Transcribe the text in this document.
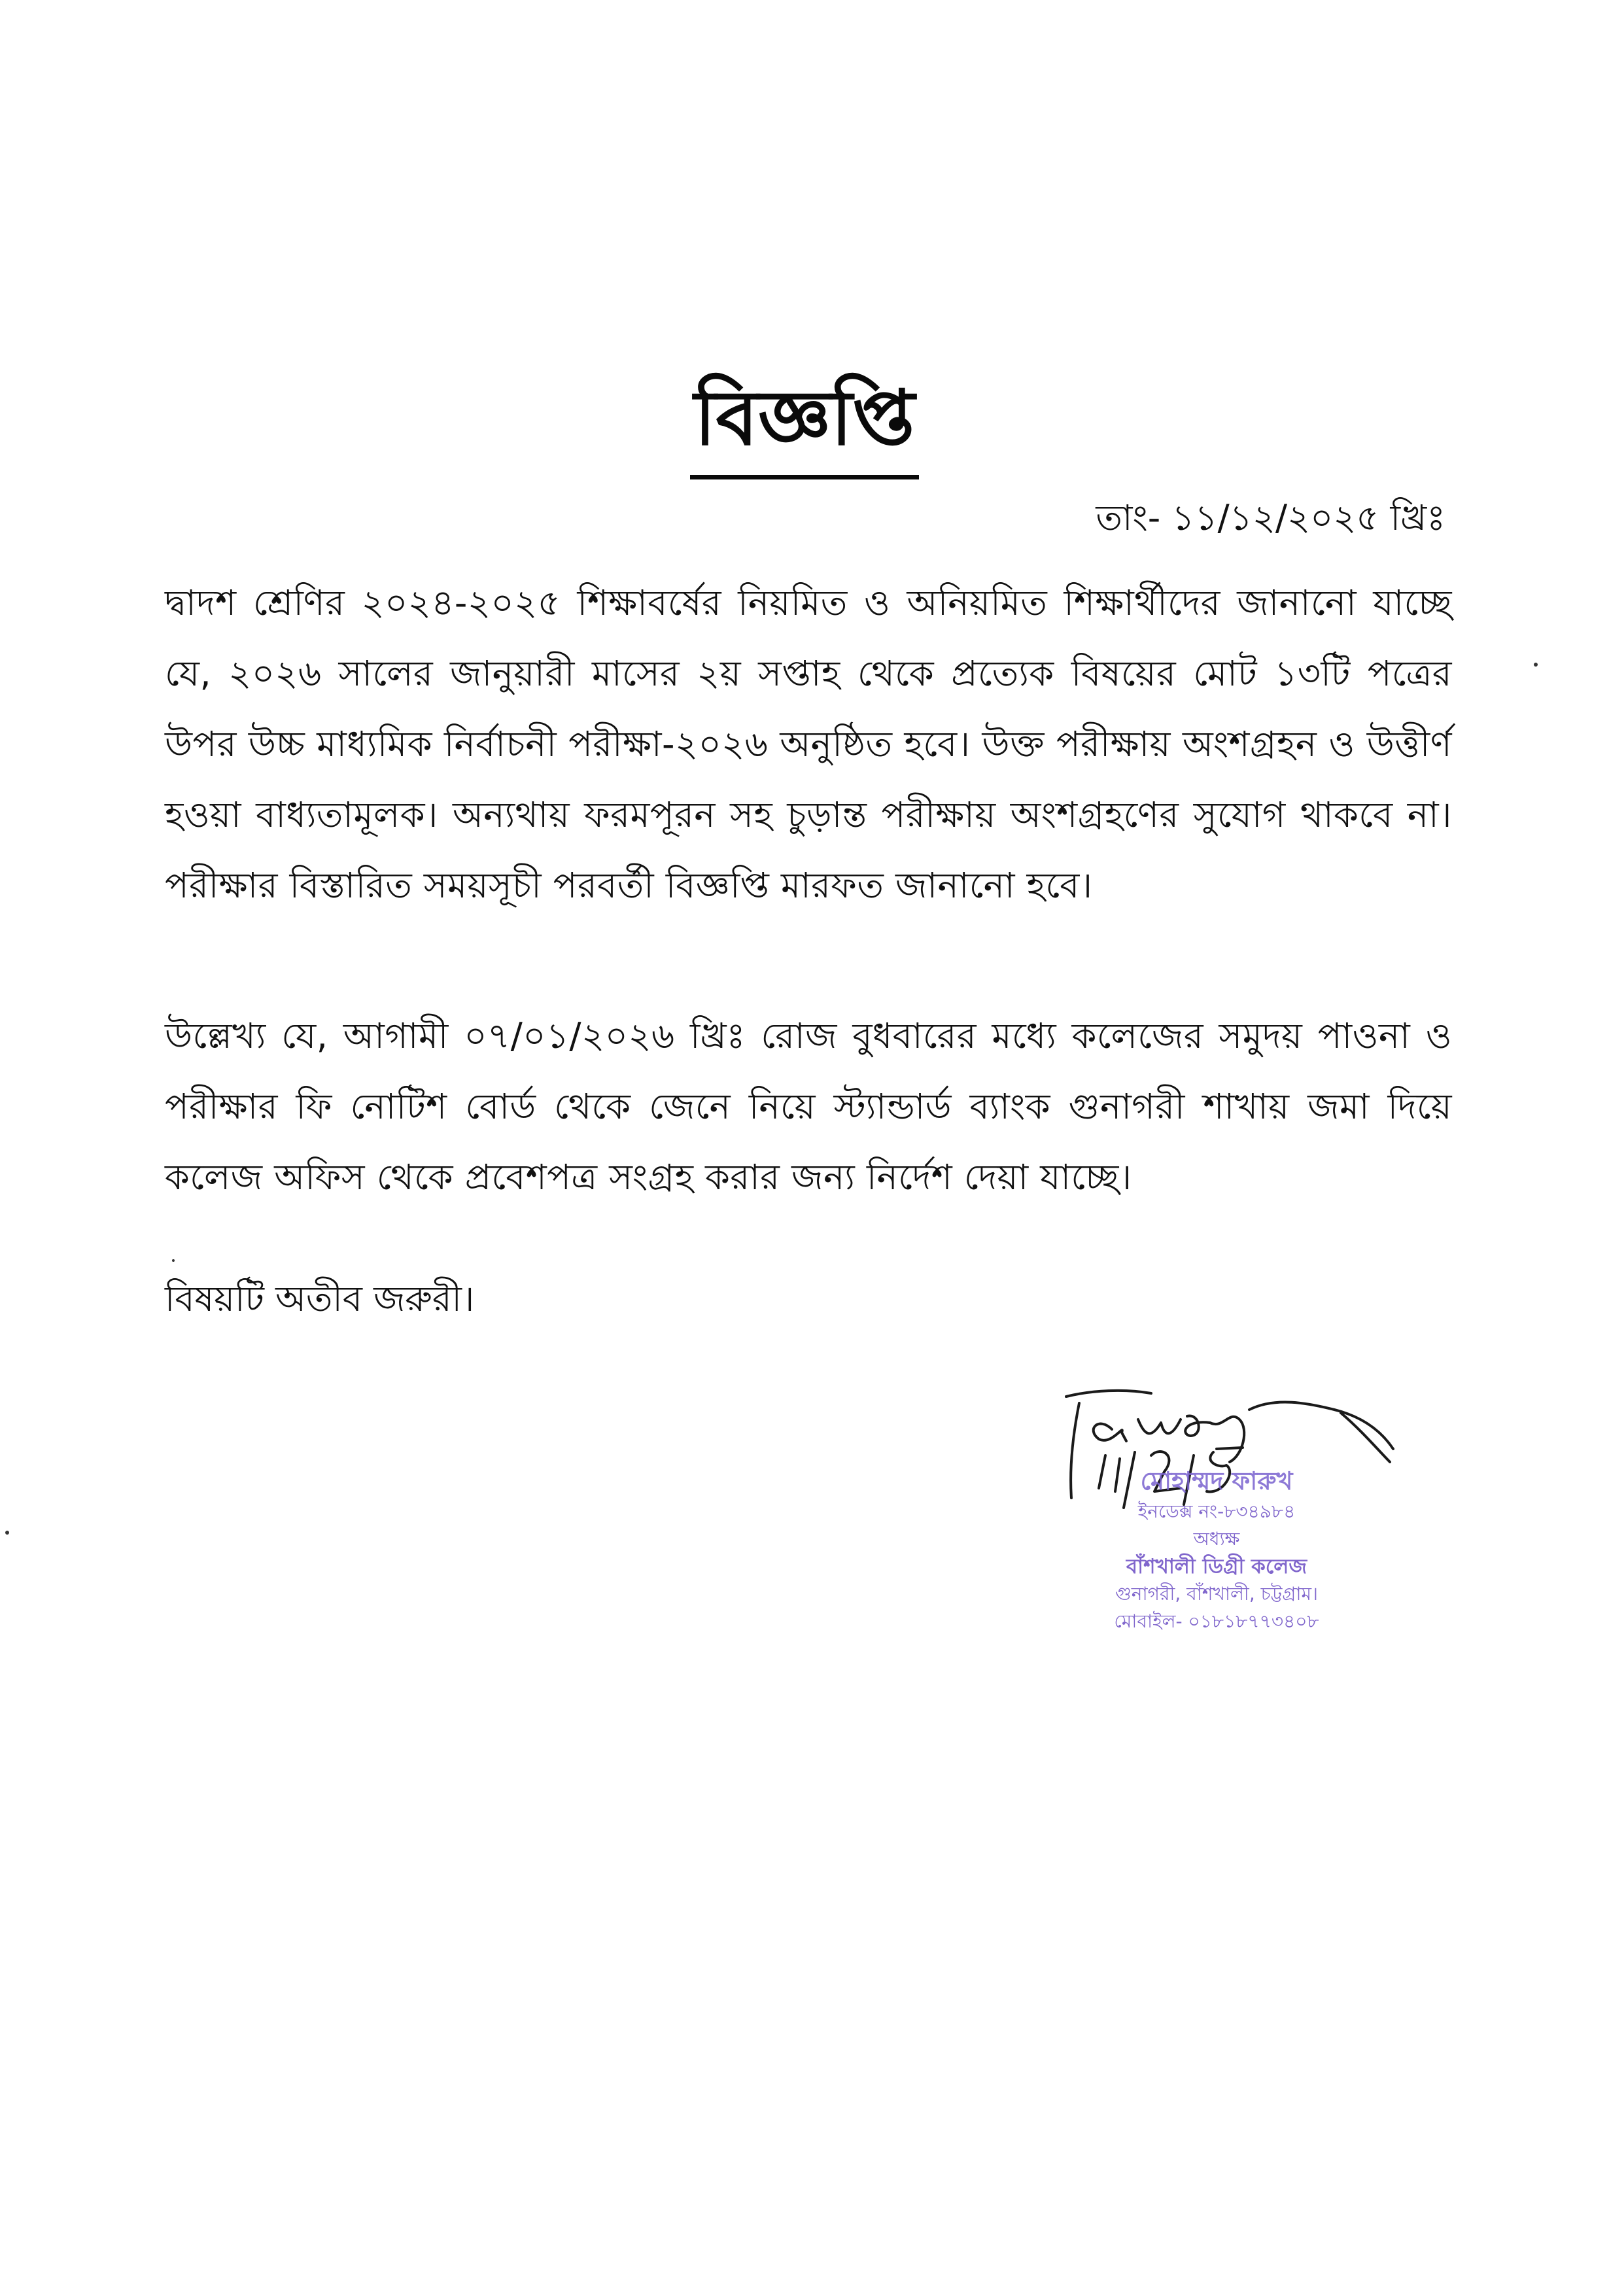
বিজ্ঞপ্তি
তাং- ১১/১২/২০২৫ খ্রিঃ
দ্বাদশ শ্রেণির ২০২৪-২০২৫ শিক্ষাবর্ষের নিয়মিত ও অনিয়মিত শিক্ষার্থীদের জানানো যাচ্ছে যে, ২০২৬ সালের জানুয়ারী মাসের ২য় সপ্তাহ থেকে প্রত্যেক বিষয়ের মোট ১৩টি পত্রের উপর উচ্চ মাধ্যমিক নির্বাচনী পরীক্ষা-২০২৬ অনুষ্ঠিত হবে। উক্ত পরীক্ষায় অংশগ্রহন ও উত্তীর্ণ হওয়া বাধ্যতামূলক। অন্যথায় ফরমপূরন সহ চুড়ান্ত পরীক্ষায় অংশগ্রহণের সুযোগ থাকবে না। পরীক্ষার বিস্তারিত সময়সূচী পরবর্তী বিজ্ঞপ্তি মারফত জানানো হবে।
উল্লেখ্য যে, আগামী ০৭/০১/২০২৬ খ্রিঃ রোজ বুধবারের মধ্যে কলেজের সমুদয় পাওনা ও পরীক্ষার ফি নোটিশ বোর্ড থেকে জেনে নিয়ে স্ট্যান্ডার্ড ব্যাংক গুনাগরী শাখায় জমা দিয়ে কলেজ অফিস থেকে প্রবেশপত্র সংগ্রহ করার জন্য নির্দেশ দেয়া যাচ্ছে।
বিষয়টি অতীব জরুরী।
মোহাম্মদ ফারুখ
ইনডেক্স নং-৮৩৪৯৮৪
অধ্যক্ষ
বাঁশখালী ডিগ্রী কলেজ
গুনাগরী, বাঁশখালী, চট্টগ্রাম।
মোবাইল- ০১৮১৮৭৭৩৪০৮
